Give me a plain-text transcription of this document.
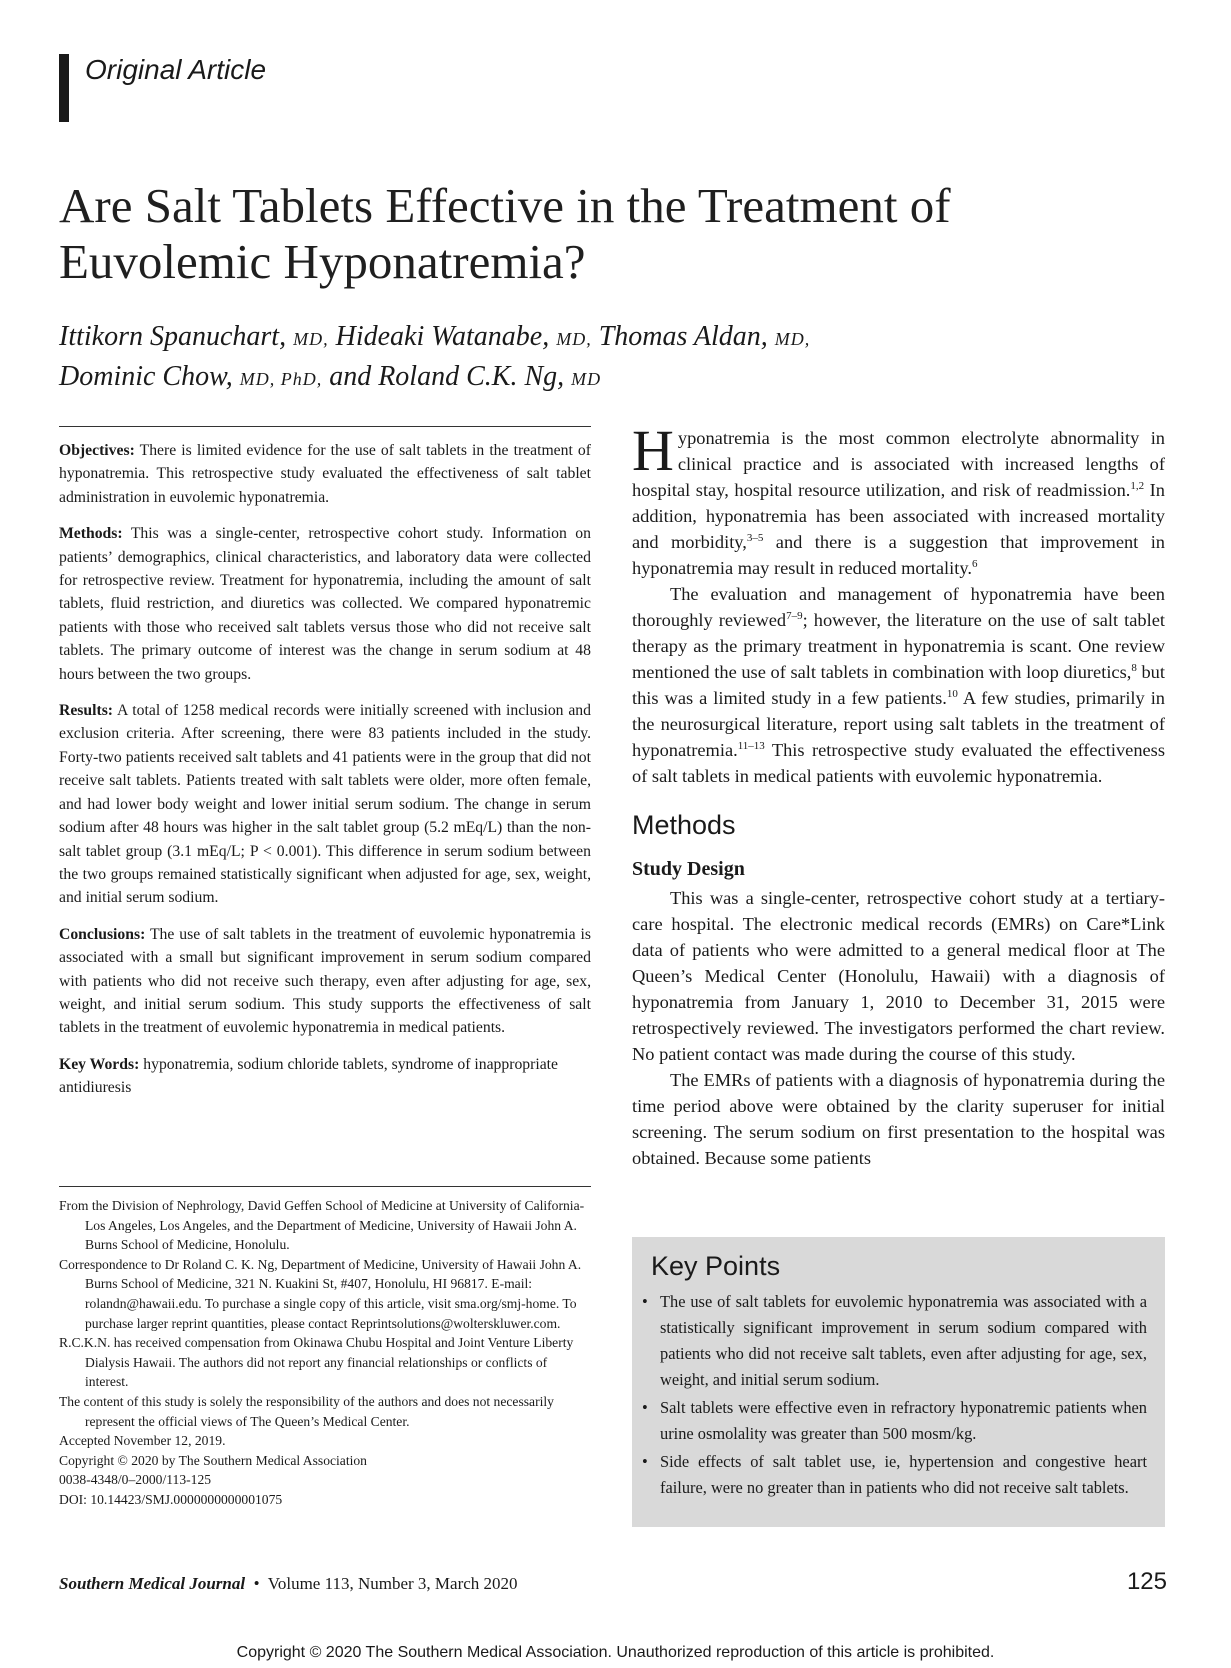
Original Article
Are Salt Tablets Effective in the Treatment of Euvolemic Hyponatremia?
Ittikorn Spanuchart, MD, Hideaki Watanabe, MD, Thomas Aldan, MD,
Dominic Chow, MD, PhD, and Roland C.K. Ng, MD

Objectives: There is limited evidence for the use of salt tablets in the treatment of hyponatremia. This retrospective study evaluated the effectiveness of salt tablet administration in euvolemic hyponatremia.

Methods: This was a single-center, retrospective cohort study. Information on patients’ demographics, clinical characteristics, and laboratory data were collected for retrospective review. Treatment for hyponatremia, including the amount of salt tablets, fluid restriction, and diuretics was collected. We compared hyponatremic patients with those who received salt tablets versus those who did not receive salt tablets. The primary outcome of interest was the change in serum sodium at 48 hours between the two groups.

Results: A total of 1258 medical records were initially screened with inclusion and exclusion criteria. After screening, there were 83 patients included in the study. Forty-two patients received salt tablets and 41 patients were in the group that did not receive salt tablets. Patients treated with salt tablets were older, more often female, and had lower body weight and lower initial serum sodium. The change in serum sodium after 48 hours was higher in the salt tablet group (5.2 mEq/L) than the non-salt tablet group (3.1 mEq/L; P < 0.001). This difference in serum sodium between the two groups remained statistically significant when adjusted for age, sex, weight, and initial serum sodium.

Conclusions: The use of salt tablets in the treatment of euvolemic hyponatremia is associated with a small but significant improvement in serum sodium compared with patients who did not receive such therapy, even after adjusting for age, sex, weight, and initial serum sodium. This study supports the effectiveness of salt tablets in the treatment of euvolemic hyponatremia in medical patients.

Key Words: hyponatremia, sodium chloride tablets, syndrome of inappropriate antidiuresis

From the Division of Nephrology, David Geffen School of Medicine at University of California-Los Angeles, Los Angeles, and the Department of Medicine, University of Hawaii John A. Burns School of Medicine, Honolulu.

Correspondence to Dr Roland C. K. Ng, Department of Medicine, University of Hawaii John A. Burns School of Medicine, 321 N. Kuakini St, #407, Honolulu, HI 96817. E-mail: rolandn@hawaii.edu. To purchase a single copy of this article, visit sma.org/smj-home. To purchase larger reprint quantities, please contact Reprintsolutions@wolterskluwer.com.

R.C.K.N. has received compensation from Okinawa Chubu Hospital and Joint Venture Liberty Dialysis Hawaii. The authors did not report any financial relationships or conflicts of interest.

The content of this study is solely the responsibility of the authors and does not necessarily represent the official views of The Queen’s Medical Center.

Accepted November 12, 2019.

Copyright © 2020 by The Southern Medical Association

0038-4348/0–2000/113-125

DOI: 10.14423/SMJ.0000000000001075

Hyponatremia is the most common electrolyte abnormality in clinical practice and is associated with increased lengths of hospital stay, hospital resource utilization, and risk of readmission.$^{1,2}$ In addition, hyponatremia has been associated with increased mortality and morbidity,$^{3-5}$ and there is a suggestion that improvement in hyponatremia may result in reduced mortality.$^6$

The evaluation and management of hyponatremia have been thoroughly reviewed$^{7-9}$; however, the literature on the use of salt tablet therapy as the primary treatment in hyponatremia is scant. One review mentioned the use of salt tablets in combination with loop diuretics,$^8$ but this was a limited study in a few patients.$^{10}$ A few studies, primarily in the neurosurgical literature, report using salt tablets in the treatment of hyponatremia.$^{11-13}$ This retrospective study evaluated the effectiveness of salt tablets in medical patients with euvolemic hyponatremia.

Methods
Study Design

This was a single-center, retrospective cohort study at a tertiary-care hospital. The electronic medical records (EMRs) on Care*Link data of patients who were admitted to a general medical floor at The Queen’s Medical Center (Honolulu, Hawaii) with a diagnosis of hyponatremia from January 1, 2010 to December 31, 2015 were retrospectively reviewed. The investigators performed the chart review. No patient contact was made during the course of this study.

The EMRs of patients with a diagnosis of hyponatremia during the time period above were obtained by the clarity superuser for initial screening. The serum sodium on first presentation to the hospital was obtained. Because some patients

Key Points
• The use of salt tablets for euvolemic hyponatremia was associated with a statistically significant improvement in serum sodium compared with patients who did not receive salt tablets, even after adjusting for age, sex, weight, and initial serum sodium.
• Salt tablets were effective even in refractory hyponatremic patients when urine osmolality was greater than 500 mosm/kg.
• Side effects of salt tablet use, ie, hypertension and congestive heart failure, were no greater than in patients who did not receive salt tablets.
Southern Medical Journal • Volume 113, Number 3, March 2020	125
Copyright © 2020 The Southern Medical Association. Unauthorized reproduction of this article is prohibited.
